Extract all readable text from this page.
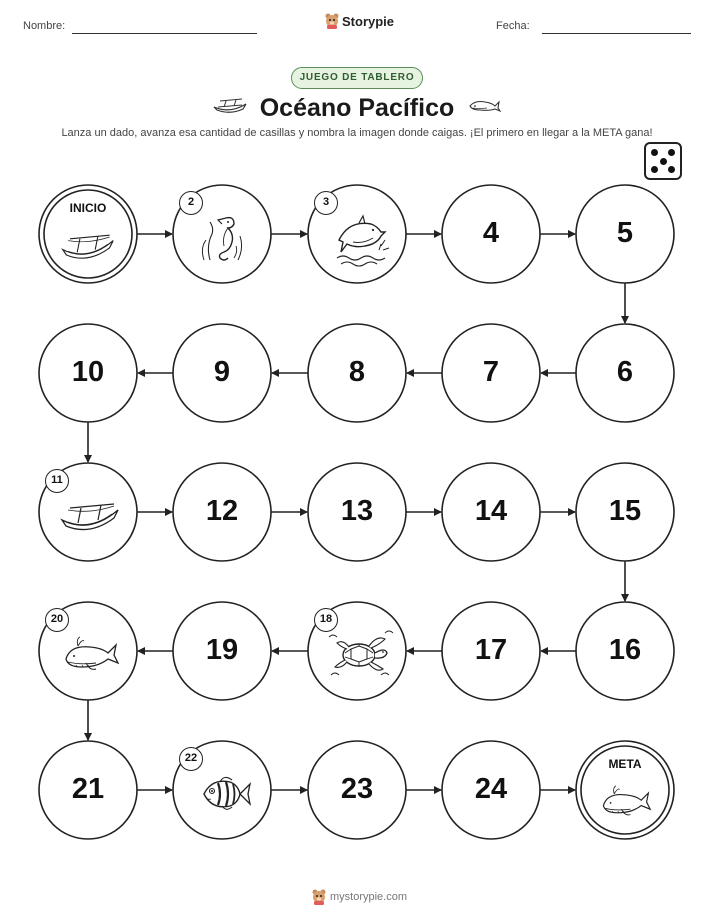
Nombre:	Storypie	Fecha:
JUEGO DE TABLERO
Océano Pacífico
Lanza un dado, avanza esa cantidad de casillas y nombra la imagen donde caigas. ¡El primero en llegar a la META gana!
INICIO	2	3
4	5
6
7
8
9
10
11
12	13	14	15
16
17
18
19
20
21
22
23	24
META
mystorypie.com
